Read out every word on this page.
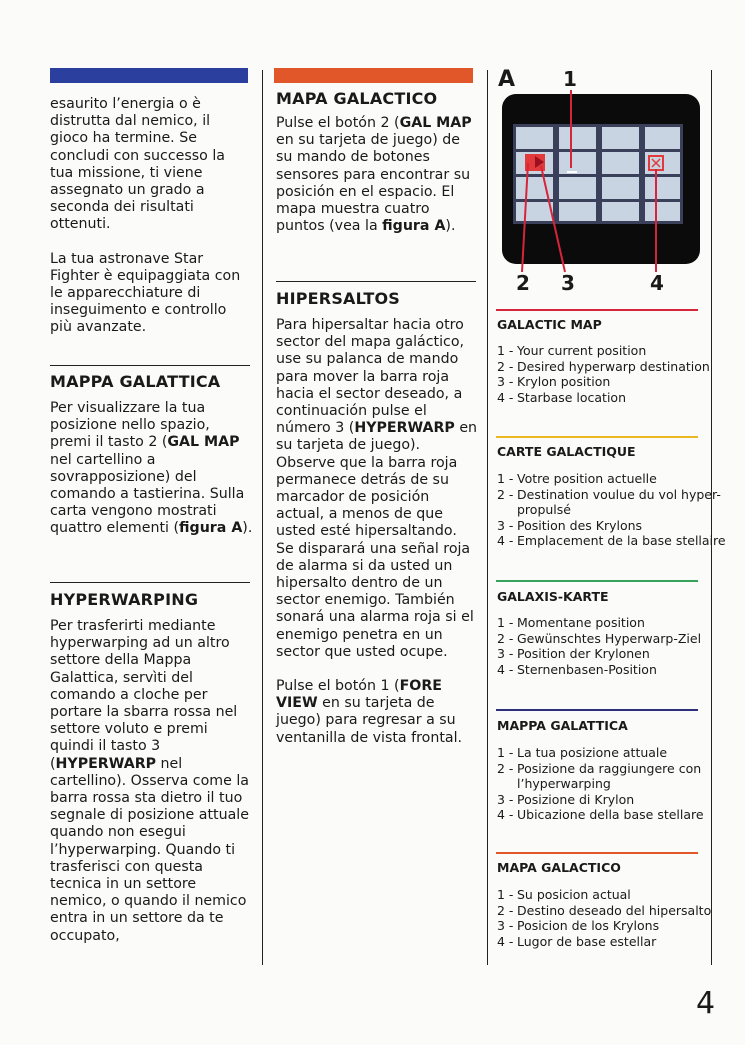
esaurito l’energia o è distrutta dal nemico, il gioco ha termine. Se concludi con successo la tua missione, ti viene assegnato un grado a seconda dei risultati ottenuti.

La tua astronave Star Fighter è equipaggiata con le apparecchiature di inseguimento e controllo più avanzate.

MAPPA GALATTICA

Per visualizzare la tua posizione nello spazio, premi il tasto 2 (GAL MAP nel cartellino a sovrapposizione) del comando a tastierina. Sulla carta vengono mostrati quattro elementi (figura A).

HYPERWARPING

Per trasferirti mediante hyperwarping ad un altro settore della Mappa Galattica, servìti del comando a cloche per portare la sbarra rossa nel settore voluto e premi quindi il tasto 3 (HYPERWARP nel cartellino). Osserva come la barra rossa sta dietro il tuo segnale di posizione attuale quando non esegui l’hyperwarping. Quando ti trasferisci con questa tecnica in un settore nemico, o quando il nemico entra in un settore da te occupato,

MAPA GALACTICO

Pulse el botón 2 (GAL MAP en su tarjeta de juego) de su mando de botones sensores para encontrar su posición en el espacio. El mapa muestra cuatro puntos (vea la figura A).

HIPERSALTOS

Para hipersaltar hacia otro sector del mapa galáctico, use su palanca de mando para mover la barra roja hacia el sector deseado, a continuación pulse el número 3 (HYPERWARP en su tarjeta de juego). Observe que la barra roja permanece detrás de su marcador de posición actual, a menos de que usted esté hipersaltando. Se disparará una señal roja de alarma si da usted un hipersalto dentro de un sector enemigo. También sonará una alarma roja si el enemigo penetra en un sector que usted ocupe.

Pulse el botón 1 (FORE VIEW en su tarjeta de juego) para regresar a su ventanilla de vista frontal.

A 1
2 3	4
GALACTIC MAP
1 - Your current position
2 - Desired hyperwarp destination
3 - Krylon position
4 - Starbase location
CARTE GALACTIQUE
1 - Votre position actuelle
2 - Destination voulue du vol hyper-propulsé
3 - Position des Krylons
4 - Emplacement de la base stellaire
GALAXIS-KARTE
1 - Momentane position
2 - Gewünschtes Hyperwarp-Ziel
3 - Position der Krylonen
4 - Sternenbasen-Position
MAPPA GALATTICA
1 - La tua posizione attuale
2 - Posizione da raggiungere con l’hyperwarping
3 - Posizione di Krylon
4 - Ubicazione della base stellare
MAPA GALACTICO
1 - Su posicion actual
2 - Destino deseado del hipersalto
3 - Posicion de los Krylons
4 - Lugor de base estellar
4
